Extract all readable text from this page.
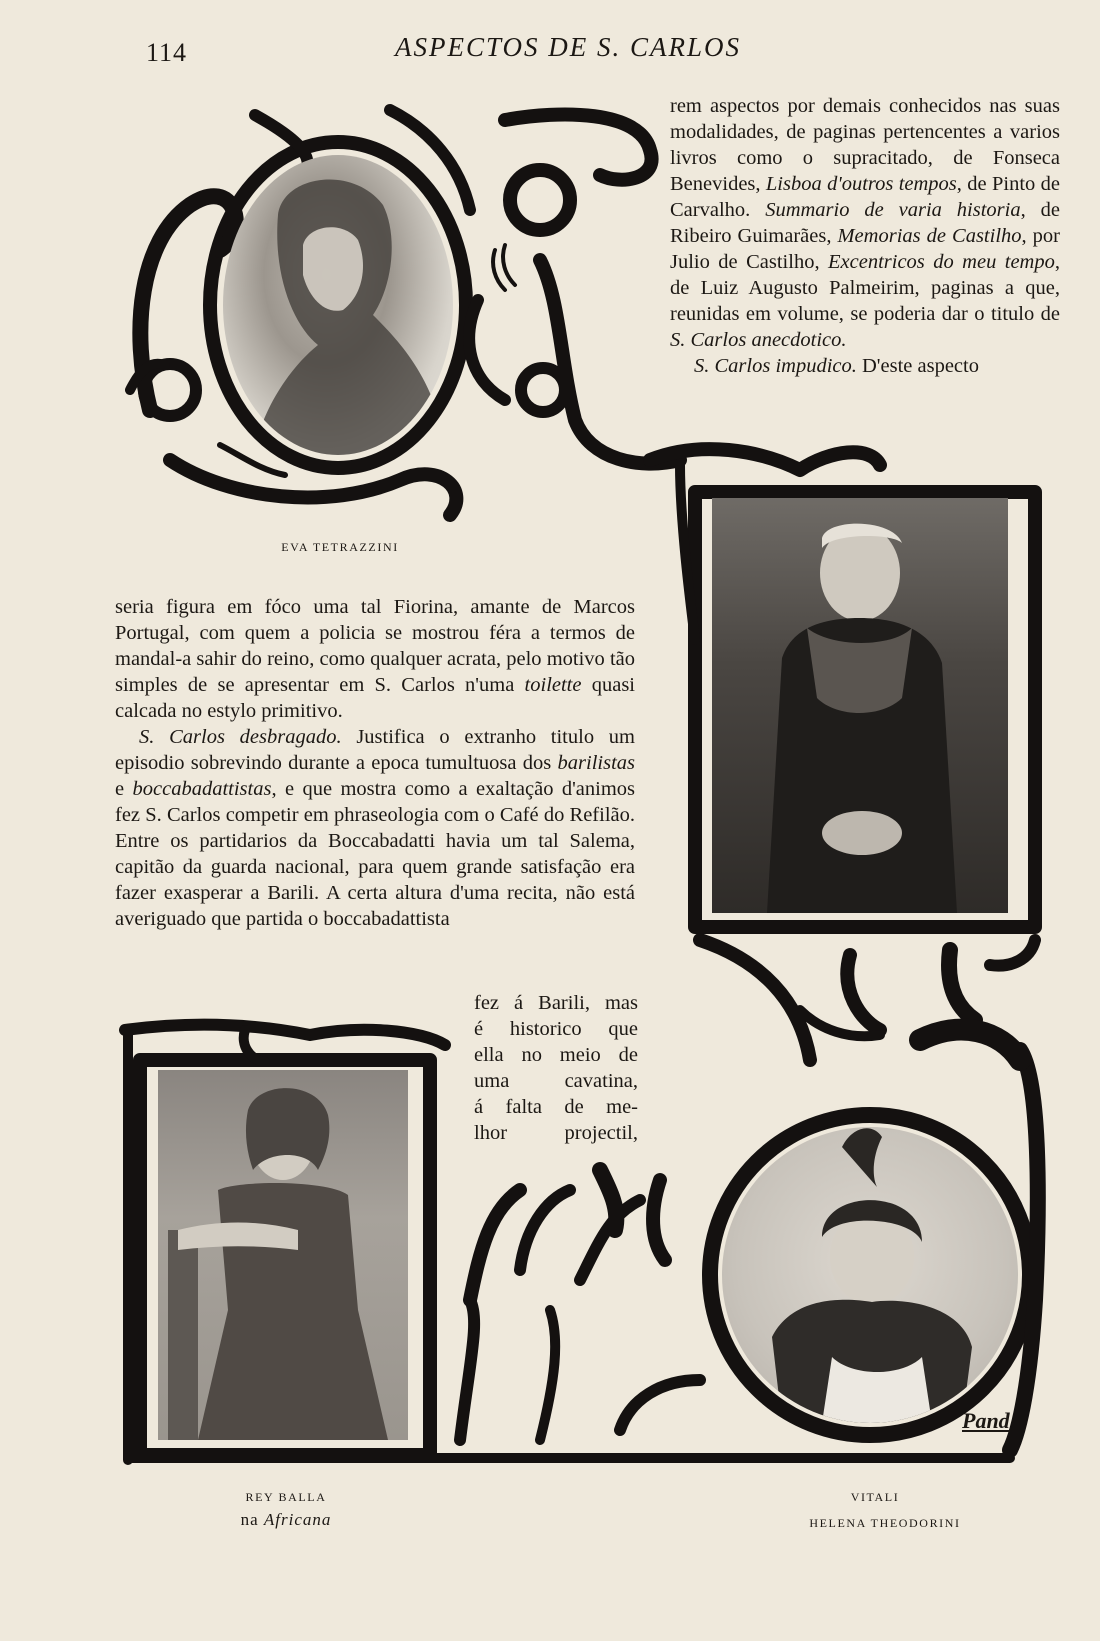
114	ASPECTOS DE S. CARLOS
Pand
EVA TETRAZZINI
REY BALLA
na Africana
VITALI
HELENA THEODORINI

rem aspectos por demais conhecidos nas suas modalidades, de paginas pertencentes a varios livros como o supracitado, de Fonseca Benevides, Lisboa d'outros tempos, de Pinto de Carvalho. Summario de varia historia, de Ribeiro Guimarães, Memorias de Castilho, por Julio de Castilho, Excentricos do meu tempo, de Luiz Augusto Palmeirim, paginas a que, reunidas em volume, se poderia dar o titulo de S. Carlos anecdotico.

S. Carlos impudico. D'este aspecto

seria figura em fóco uma tal Fiorina, amante de Marcos Portugal, com quem a policia se mostrou féra a termos de mandal-a sahir do reino, como qualquer acrata, pelo motivo tão simples de se apresentar em S. Carlos n'uma toilette quasi calcada no estylo primitivo.

S. Carlos desbragado. Justifica o extranho titulo um episodio sobrevindo durante a epoca tumultuosa dos barilistas e boccabadattistas, e que mostra como a exaltação d'animos fez S. Carlos competir em phraseologia com o Café do Refilão. Entre os partidarios da Boccabadatti havia um tal Salema, capitão da guarda nacional, para quem grande satisfação era fazer exasperar a Barili. A certa altura d'uma recita, não está averiguado que partida o boccabadattista

fez á Barili, mas
é historico que
ella no meio de
uma cavatina,
á falta de me-
lhor projectil,
